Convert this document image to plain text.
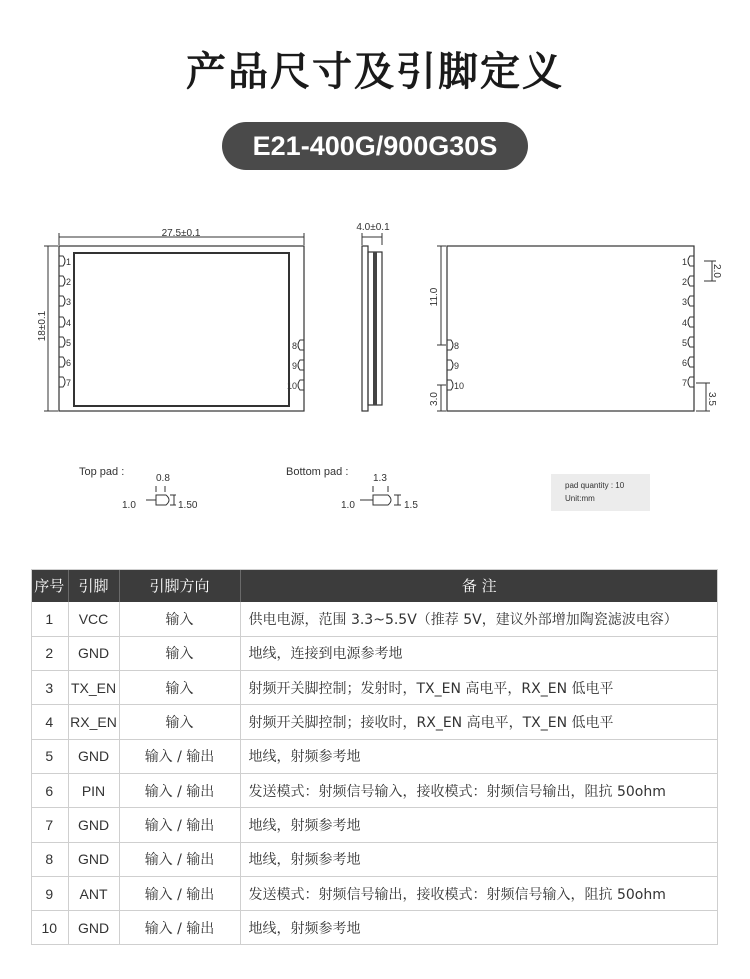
产品尺寸及引脚定义
E21-400G/900G30S
27.5±0.1
18±0.1
1
2
3
4
5
6
7
8
9
10
4.0±0.1
2.0
11.0
3.0	3.5
1
2
3
4
5
6
7
8
9
10
Top pad :	Bottom pad :
0.8
1.0	1.50
1.3
1.0	1.5
pad quantity : 10
Unit:mm
序号	引脚	引脚方向	备 注
1	VCC	输入	供电电源，范围 3.3~5.5V（推荐 5V，建议外部增加陶瓷滤波电容）
2	GND	输入	地线，连接到电源参考地
3	TX_EN	输入	射频开关脚控制；发射时，TX_EN 高电平，RX_EN 低电平
4	RX_EN	输入	射频开关脚控制；接收时，RX_EN 高电平，TX_EN 低电平
5	GND	输入 / 输出	地线，射频参考地
6	PIN	输入 / 输出	发送模式：射频信号输入，接收模式：射频信号输出，阻抗 50ohm
7	GND	输入 / 输出	地线，射频参考地
8	GND	输入 / 输出	地线，射频参考地
9	ANT	输入 / 输出	发送模式：射频信号输出，接收模式：射频信号输入，阻抗 50ohm
10	GND	输入 / 输出	地线，射频参考地
